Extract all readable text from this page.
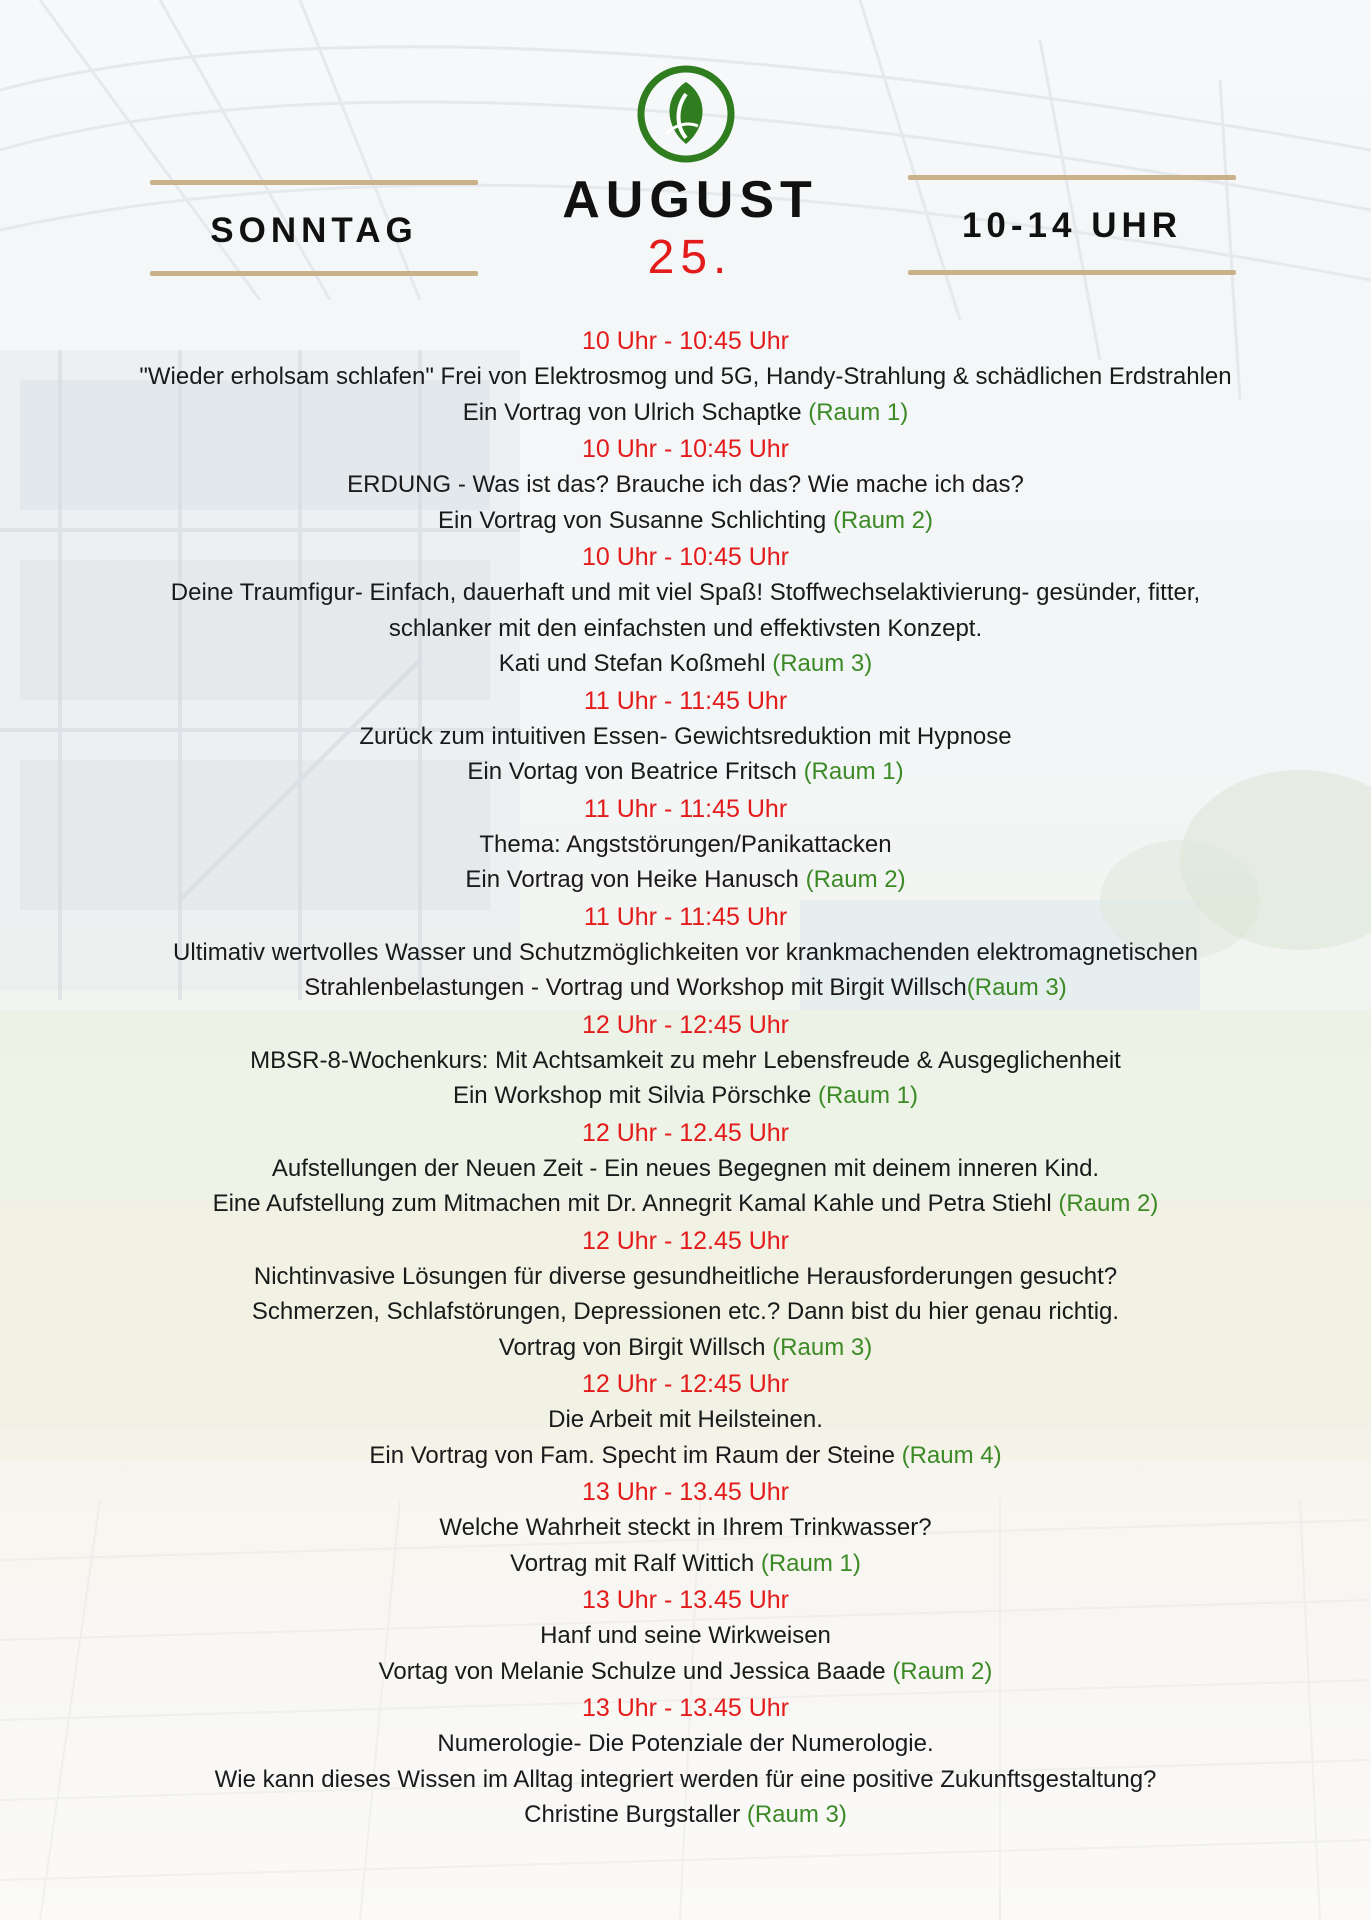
SONNTAG
AUGUST
25.
10-14 UHR
10 Uhr - 10:45 Uhr
"Wieder erholsam schlafen" Frei von Elektrosmog und 5G, Handy-Strahlung & schädlichen Erdstrahlen
Ein Vortrag von Ulrich Schaptke (Raum 1)
10 Uhr - 10:45 Uhr
ERDUNG - Was ist das? Brauche ich das? Wie mache ich das?
Ein Vortrag von Susanne Schlichting (Raum 2)
10 Uhr - 10:45 Uhr
Deine Traumfigur- Einfach, dauerhaft und mit viel Spaß! Stoffwechselaktivierung- gesünder, fitter,
schlanker mit den einfachsten und effektivsten Konzept.
Kati und Stefan Koßmehl (Raum 3)
11 Uhr - 11:45 Uhr
Zurück zum intuitiven Essen- Gewichtsreduktion mit Hypnose
Ein Vortag von Beatrice Fritsch (Raum 1)
11 Uhr - 11:45 Uhr
Thema: Angststörungen/Panikattacken
Ein Vortrag von Heike Hanusch (Raum 2)
11 Uhr - 11:45 Uhr
Ultimativ wertvolles Wasser und Schutzmöglichkeiten vor krankmachenden elektromagnetischen
Strahlenbelastungen - Vortrag und Workshop mit Birgit Willsch(Raum 3)
12 Uhr - 12:45 Uhr
MBSR-8-Wochenkurs: Mit Achtsamkeit zu mehr Lebensfreude & Ausgeglichenheit
Ein Workshop mit Silvia Pörschke (Raum 1)
12 Uhr - 12.45 Uhr
Aufstellungen der Neuen Zeit - Ein neues Begegnen mit deinem inneren Kind.
Eine Aufstellung zum Mitmachen mit Dr. Annegrit Kamal Kahle und Petra Stiehl (Raum 2)
12 Uhr - 12.45 Uhr
Nichtinvasive Lösungen für diverse gesundheitliche Herausforderungen gesucht?
Schmerzen, Schlafstörungen, Depressionen etc.? Dann bist du hier genau richtig.
Vortrag von Birgit Willsch (Raum 3)
12 Uhr - 12:45 Uhr
Die Arbeit mit Heilsteinen.
Ein Vortrag von Fam. Specht im Raum der Steine (Raum 4)
13 Uhr - 13.45 Uhr
Welche Wahrheit steckt in Ihrem Trinkwasser?
Vortrag mit Ralf Wittich (Raum 1)
13 Uhr - 13.45 Uhr
Hanf und seine Wirkweisen
Vortag von Melanie Schulze und Jessica Baade (Raum 2)
13 Uhr - 13.45 Uhr
Numerologie- Die Potenziale der Numerologie.
Wie kann dieses Wissen im Alltag integriert werden für eine positive Zukunftsgestaltung?
Christine Burgstaller (Raum 3)
